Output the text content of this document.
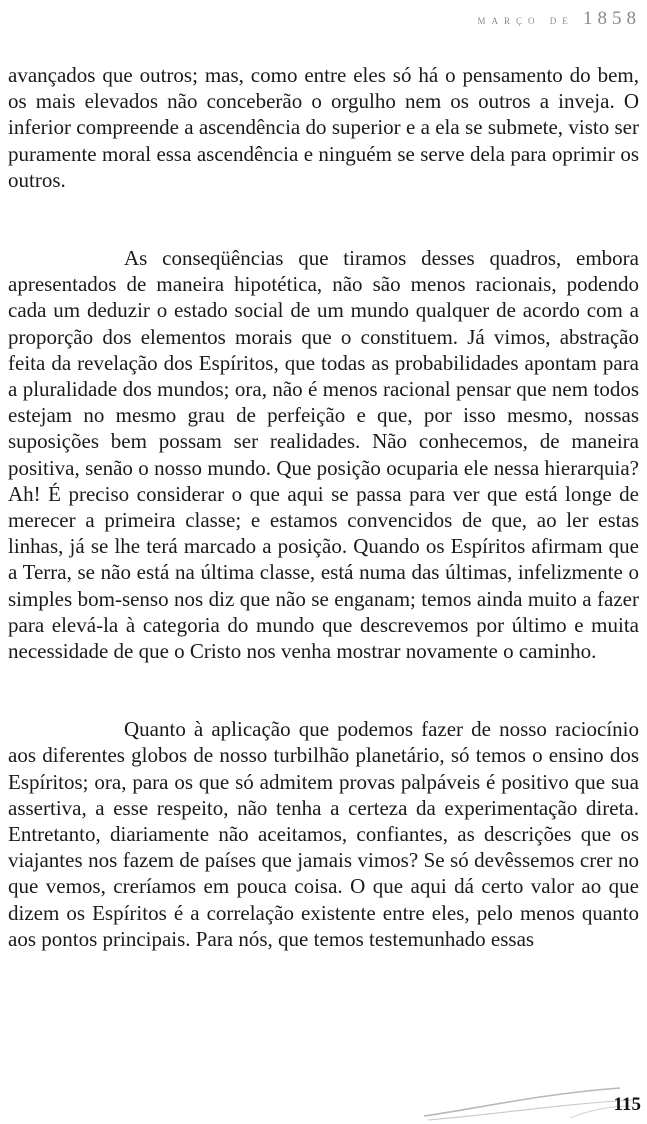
março de 1858

avançados que outros; mas, como entre eles só há o pensamento do bem, os mais elevados não conceberão o orgulho nem os outros a inveja. O inferior compreende a ascendência do superior e a ela se submete, visto ser puramente moral essa ascendência e ninguém se serve dela para oprimir os outros.

As conseqüências que tiramos desses quadros, embora apresentados de maneira hipotética, não são menos racionais, podendo cada um deduzir o estado social de um mundo qualquer de acordo com a proporção dos elementos morais que o constituem. Já vimos, abstração feita da revelação dos Espíritos, que todas as probabilidades apontam para a pluralidade dos mundos; ora, não é menos racional pensar que nem todos estejam no mesmo grau de perfeição e que, por isso mesmo, nossas suposições bem possam ser realidades. Não conhecemos, de maneira positiva, senão o nosso mundo. Que posição ocuparia ele nessa hierarquia? Ah! É preciso considerar o que aqui se passa para ver que está longe de merecer a primeira classe; e estamos convencidos de que, ao ler estas linhas, já se lhe terá marcado a posição. Quando os Espíritos afirmam que a Terra, se não está na última classe, está numa das últimas, infelizmente o simples bom-senso nos diz que não se enganam; temos ainda muito a fazer para elevá-la à categoria do mundo que descrevemos por último e muita necessidade de que o Cristo nos venha mostrar novamente o caminho.

Quanto à aplicação que podemos fazer de nosso raciocínio aos diferentes globos de nosso turbilhão planetário, só temos o ensino dos Espíritos; ora, para os que só admitem provas palpáveis é positivo que sua assertiva, a esse respeito, não tenha a certeza da experimentação direta. Entretanto, diariamente não aceitamos, confiantes, as descrições que os viajantes nos fazem de países que jamais vimos? Se só devêssemos crer no que vemos, creríamos em pouca coisa. O que aqui dá certo valor ao que dizem os Espíritos é a correlação existente entre eles, pelo menos quanto aos pontos principais. Para nós, que temos testemunhado essas

115
